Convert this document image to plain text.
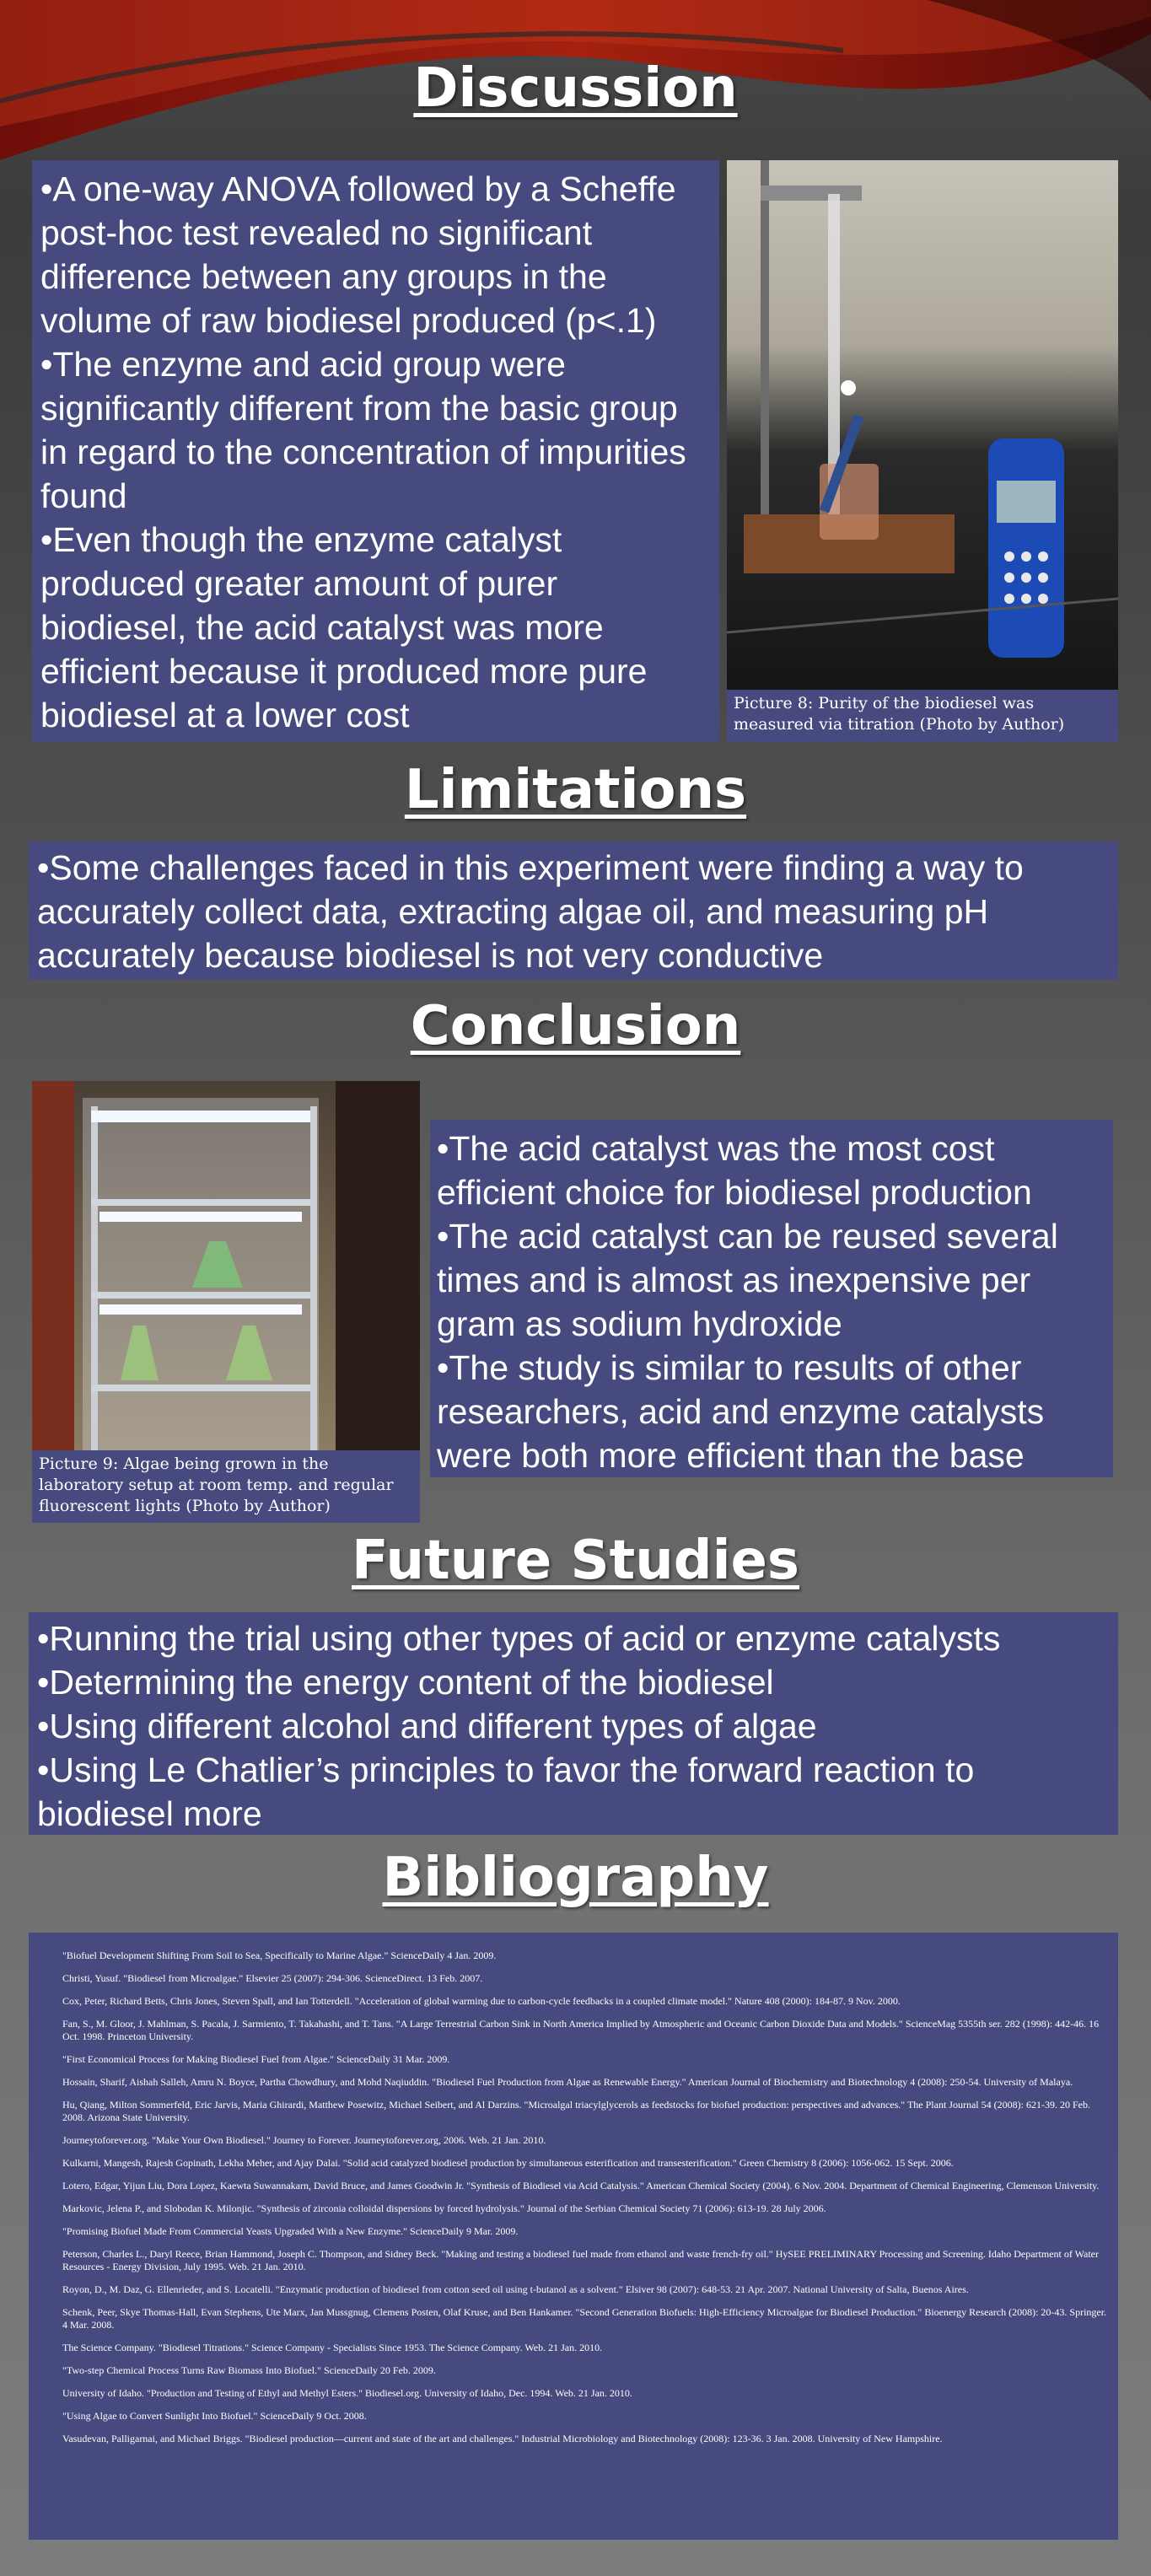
Discussion
•A one-way ANOVA followed by a Scheffe post-hoc test revealed no significant difference between any groups in the volume of raw biodiesel produced (p<.1)
•The enzyme and acid group were significantly different from the basic group in regard to the concentration of impurities found
•Even though the enzyme catalyst produced greater amount of purer biodiesel, the acid catalyst was more efficient because it produced more pure biodiesel at a lower cost	Picture 8: Purity of the biodiesel was measured via titration (Photo by Author)
Limitations
•Some challenges faced in this experiment were finding a way to accurately collect data, extracting algae oil, and measuring pH accurately because biodiesel is not very conductive
Conclusion
Picture 9: Algae being grown in the laboratory setup at room temp. and regular fluorescent lights (Photo by Author)
•The acid catalyst was the most cost efficient choice for biodiesel production
•The acid catalyst can be reused several times and is almost as inexpensive per gram as sodium hydroxide
•The study is similar to results of other researchers, acid and enzyme catalysts were both more efficient than the base
Future Studies
•Running the trial using other types of acid or enzyme catalysts
•Determining the energy content of the biodiesel
•Using different alcohol and different types of algae
•Using Le Chatlier’s principles to favor the forward reaction to biodiesel more
Bibliography

"Biofuel Development Shifting From Soil to Sea, Specifically to Marine Algae." ScienceDaily 4 Jan. 2009.

Christi, Yusuf. "Biodiesel from Microalgae." Elsevier 25 (2007): 294-306. ScienceDirect. 13 Feb. 2007.

Cox, Peter, Richard Betts, Chris Jones, Steven Spall, and Ian Totterdell. "Acceleration of global warming due to carbon-cycle feedbacks in a coupled climate model." Nature 408 (2000): 184-87. 9 Nov. 2000.

Fan, S., M. Gloor, J. Mahlman, S. Pacala, J. Sarmiento, T. Takahashi, and T. Tans. "A Large Terrestrial Carbon Sink in North America Implied by Atmospheric and Oceanic Carbon Dioxide Data and Models." ScienceMag 5355th ser. 282 (1998): 442-46. 16 Oct. 1998. Princeton University.

"First Economical Process for Making Biodiesel Fuel from Algae." ScienceDaily 31 Mar. 2009.

Hossain, Sharif, Aishah Salleh, Amru N. Boyce, Partha Chowdhury, and Mohd Naqiuddin. "Biodiesel Fuel Production from Algae as Renewable Energy." American Journal of Biochemistry and Biotechnology 4 (2008): 250-54. University of Malaya.

Hu, Qiang, Milton Sommerfeld, Eric Jarvis, Maria Ghirardi, Matthew Posewitz, Michael Seibert, and Al Darzins. "Microalgal triacylglycerols as feedstocks for biofuel production: perspectives and advances." The Plant Journal 54 (2008): 621-39. 20 Feb. 2008. Arizona State University.

Journeytoforever.org. "Make Your Own Biodiesel." Journey to Forever. Journeytoforever.org, 2006. Web. 21 Jan. 2010.

Kulkarni, Mangesh, Rajesh Gopinath, Lekha Meher, and Ajay Dalai. "Solid acid catalyzed biodiesel production by simultaneous esterification and transesterification." Green Chemistry 8 (2006): 1056-062. 15 Sept. 2006.

Lotero, Edgar, Yijun Liu, Dora Lopez, Kaewta Suwannakarn, David Bruce, and James Goodwin Jr. "Synthesis of Biodiesel via Acid Catalysis." American Chemical Society (2004). 6 Nov. 2004. Department of Chemical Engineering, Clemenson University.

Markovic, Jelena P., and Slobodan K. Milonjic. "Synthesis of zirconia colloidal dispersions by forced hydrolysis." Journal of the Serbian Chemical Society 71 (2006): 613-19. 28 July 2006.

"Promising Biofuel Made From Commercial Yeasts Upgraded With a New Enzyme." ScienceDaily 9 Mar. 2009.

Peterson, Charles L., Daryl Reece, Brian Hammond, Joseph C. Thompson, and Sidney Beck. "Making and testing a biodiesel fuel made from ethanol and waste french-fry oil." HySEE PRELIMINARY Processing and Screening. Idaho Department of Water Resources - Energy Division, July 1995. Web. 21 Jan. 2010.

Royon, D., M. Daz, G. Ellenrieder, and S. Locatelli. "Enzymatic production of biodiesel from cotton seed oil using t-butanol as a solvent." Elsiver 98 (2007): 648-53. 21 Apr. 2007. National University of Salta, Buenos Aires.

Schenk, Peer, Skye Thomas-Hall, Evan Stephens, Ute Marx, Jan Mussgnug, Clemens Posten, Olaf Kruse, and Ben Hankamer. "Second Generation Biofuels: High-Efficiency Microalgae for Biodiesel Production." Bioenergy Research (2008): 20-43. Springer. 4 Mar. 2008.

The Science Company. "Biodiesel Titrations." Science Company - Specialists Since 1953. The Science Company. Web. 21 Jan. 2010.

"Two-step Chemical Process Turns Raw Biomass Into Biofuel." ScienceDaily 20 Feb. 2009.

University of Idaho. "Production and Testing of Ethyl and Methyl Esters." Biodiesel.org. University of Idaho, Dec. 1994. Web. 21 Jan. 2010.

"Using Algae to Convert Sunlight Into Biofuel." ScienceDaily 9 Oct. 2008.

Vasudevan, Palligarnai, and Michael Briggs. "Biodiesel production—current and state of the art and challenges." Industrial Microbiology and Biotechnology (2008): 123-36. 3 Jan. 2008. University of New Hampshire.
